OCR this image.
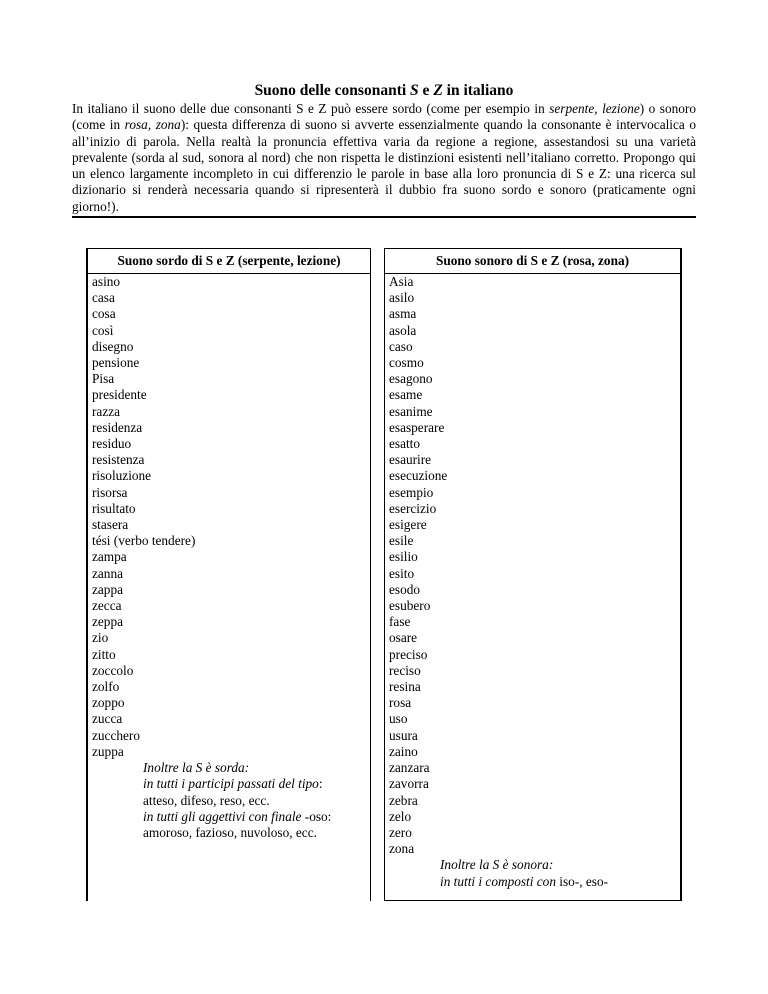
Suono delle consonanti S e Z in italiano
In italiano il suono delle due consonanti S e Z può essere sordo (come per esempio in serpente, lezione) o sonoro (come in rosa, zona): questa differenza di suono si avverte essenzialmente quando la consonante è intervocalica o all’inizio di parola. Nella realtà la pronuncia effettiva varia da regione a regione, assestandosi su una varietà prevalente (sorda al sud, sonora al nord) che non rispetta le distinzioni esistenti nell’italiano corretto. Propongo qui un elenco largamente incompleto in cui differenzio le parole in base alla loro pronuncia di S e Z: una ricerca sul dizionario si renderà necessaria quando si ripresenterà il dubbio fra suono sordo e sonoro (praticamente ogni giorno!).
Suono sordo di S e Z (serpente, lezione)
asino
casa
cosa
così
disegno
pensione
Pisa
presidente
razza
residenza
residuo
resistenza
risoluzione
risorsa
risultato
stasera
tési (verbo tendere)
zampa
zanna
zappa
zecca
zeppa
zio
zitto
zoccolo
zolfo
zoppo
zucca
zucchero
zuppa
Inoltre la S è sorda:
in tutti i participi passati del tipo:
atteso, difeso, reso, ecc.
in tutti gli aggettivi con finale -oso:
amoroso, fazioso, nuvoloso, ecc.
Suono sonoro di S e Z (rosa, zona)
Asia
asilo
asma
asola
caso
cosmo
esagono
esame
esanime
esasperare
esatto
esaurire
esecuzione
esempio
esercizio
esigere
esile
esilio
esito
esodo
esubero
fase
osare
preciso
reciso
resina
rosa
uso
usura
zaino
zanzara
zavorra
zebra
zelo
zero
zona
Inoltre la S è sonora:
in tutti i composti con iso-, eso-
